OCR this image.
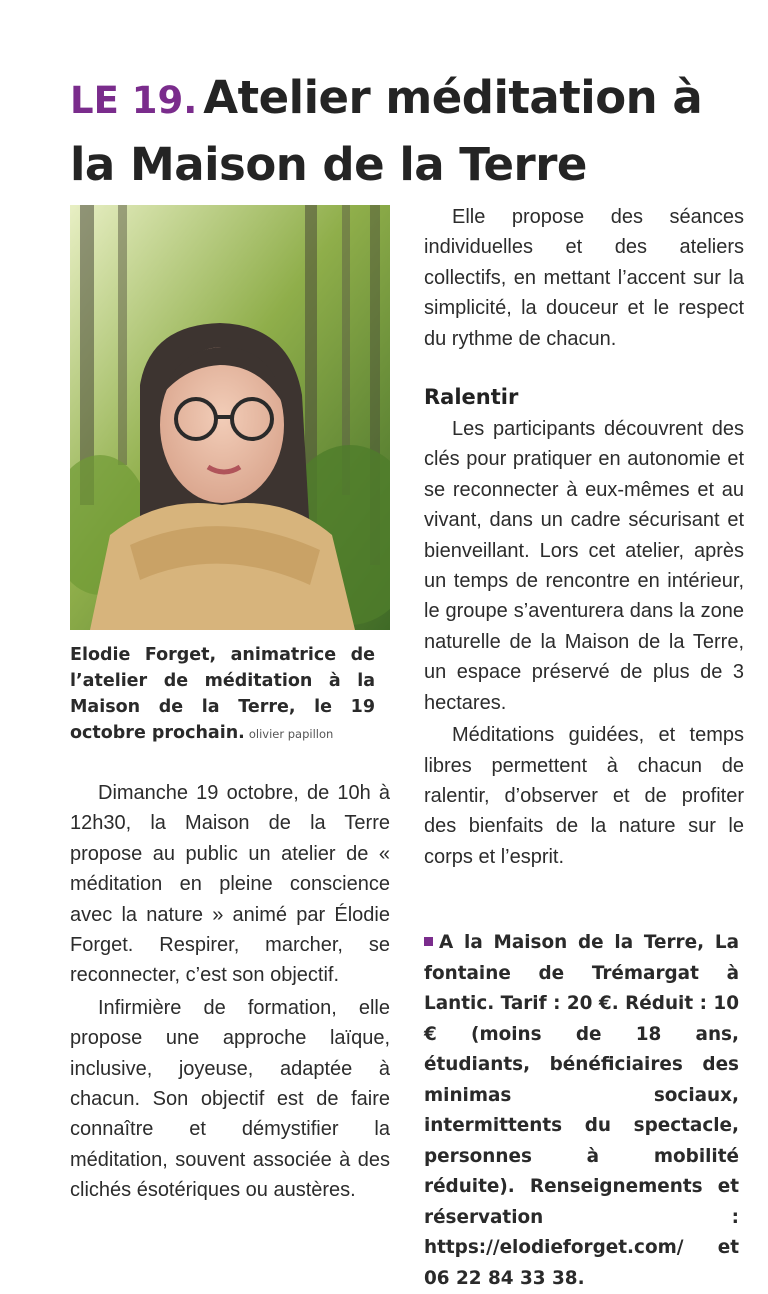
LE 19. Atelier méditation à la Maison de la Terre
Elodie Forget, animatrice de l’atelier de méditation à la Maison de la Terre, le 19 octobre prochain. olivier papillon

Dimanche 19 octobre, de 10h à 12h30, la Maison de la Terre propose au public un atelier de « méditation en pleine conscience avec la nature » animé par Élodie Forget. Respirer, marcher, se reconnecter, c’est son objectif.

Infirmière de formation, elle propose une approche laïque, inclusive, joyeuse, adaptée à chacun. Son objectif est de faire connaître et démystifier la méditation, souvent associée à des clichés ésotériques ou austères.

Elle propose des séances individuelles et des ateliers collectifs, en mettant l’accent sur la simplicité, la douceur et le respect du rythme de chacun.

Ralentir

Les participants découvrent des clés pour pratiquer en autonomie et se reconnecter à eux-mêmes et au vivant, dans un cadre sécurisant et bienveillant. Lors cet atelier, après un temps de rencontre en intérieur, le groupe s’aventurera dans la zone naturelle de la Maison de la Terre, un espace préservé de plus de 3 hectares.

Méditations guidées, et temps libres permettent à chacun de ralentir, d’observer et de profiter des bienfaits de la nature sur le corps et l’esprit.

A la Maison de la Terre, La fontaine de Trémargat à Lantic. Tarif : 20 €. Réduit : 10 € (moins de 18 ans, étudiants, bénéficiaires des minimas sociaux, intermittents du spectacle, personnes à mobilité réduite). Renseignements et réservation : https://elodieforget.com/ et 06 22 84 33 38.
